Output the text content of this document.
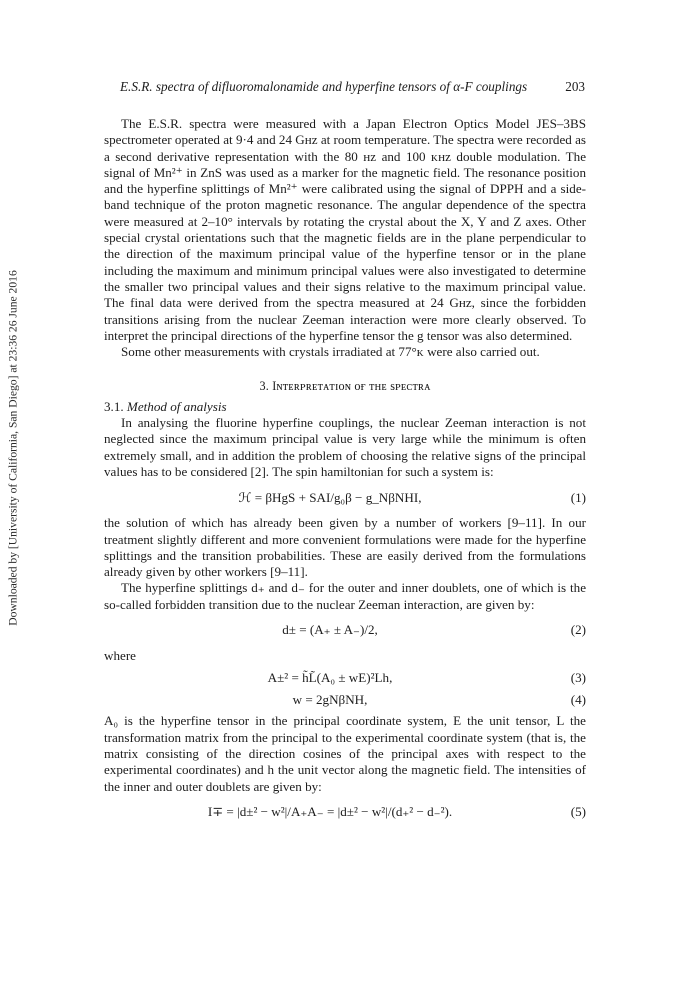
Downloaded by [University of California, San Diego] at 23:36 26 June 2016
E.S.R. spectra of difluoromalonamide and hyperfine tensors of α-F couplings	203

The E.S.R. spectra were measured with a Japan Electron Optics Model JES–3BS spectrometer operated at 9·4 and 24 Gʜᴢ at room temperature. The spectra were recorded as a second derivative representation with the 80 ʜᴢ and 100 ᴋʜᴢ double modulation. The signal of Mn²⁺ in ZnS was used as a marker for the magnetic field. The resonance position and the hyperfine splittings of Mn²⁺ were calibrated using the signal of DPPH and a side-band technique of the proton magnetic resonance. The angular dependence of the spectra were measured at 2–10° intervals by rotating the crystal about the X, Y and Z axes. Other special crystal orientations such that the magnetic fields are in the plane perpendicular to the direction of the maximum principal value of the hyperfine tensor or in the plane including the maximum and minimum principal values were also investigated to determine the smaller two principal values and their signs relative to the maximum principal value. The final data were derived from the spectra measured at 24 Gʜᴢ, since the forbidden transitions arising from the nuclear Zeeman interaction were more clearly observed. To interpret the principal directions of the hyperfine tensor the g tensor was also determined.

Some other measurements with crystals irradiated at 77°ᴋ were also carried out.

3. Iɴᴛᴇʀᴘʀᴇᴛᴀᴛɪᴏɴ ᴏғ ᴛʜᴇ sᴘᴇᴄᴛʀᴀ

3.1. Method of analysis

In analysing the fluorine hyperfine couplings, the nuclear Zeeman interaction is not neglected since the maximum principal value is very large while the minimum is often extremely small, and in addition the problem of choosing the relative signs of the principal values has to be considered [2]. The spin hamiltonian for such a system is:

ℋ = βHgS + SAI/g₀β − g_NβNHI,	(1)

the solution of which has already been given by a number of workers [9–11]. In our treatment slightly different and more convenient formulations were made for the hyperfine splittings and the transition probabilities. These are easily derived from the formulations already given by other workers [9–11].

The hyperfine splittings d₊ and d₋ for the outer and inner doublets, one of which is the so-called forbidden transition due to the nuclear Zeeman interaction, are given by:

d± = (A₊ ± A₋)/2,	(2)

where

A±² = h̃L̃(A₀ ± wE)²Lh,	(3)
w = 2gNβNH,	(4)

A₀ is the hyperfine tensor in the principal coordinate system, E the unit tensor, L the transformation matrix from the principal to the experimental coordinate system (that is, the matrix consisting of the direction cosines of the principal axes with respect to the experimental coordinates) and h the unit vector along the magnetic field. The intensities of the inner and outer doublets are given by:

I∓ = |d±² − w²|/A₊A₋ = |d±² − w²|/(d₊² − d₋²).	(5)
